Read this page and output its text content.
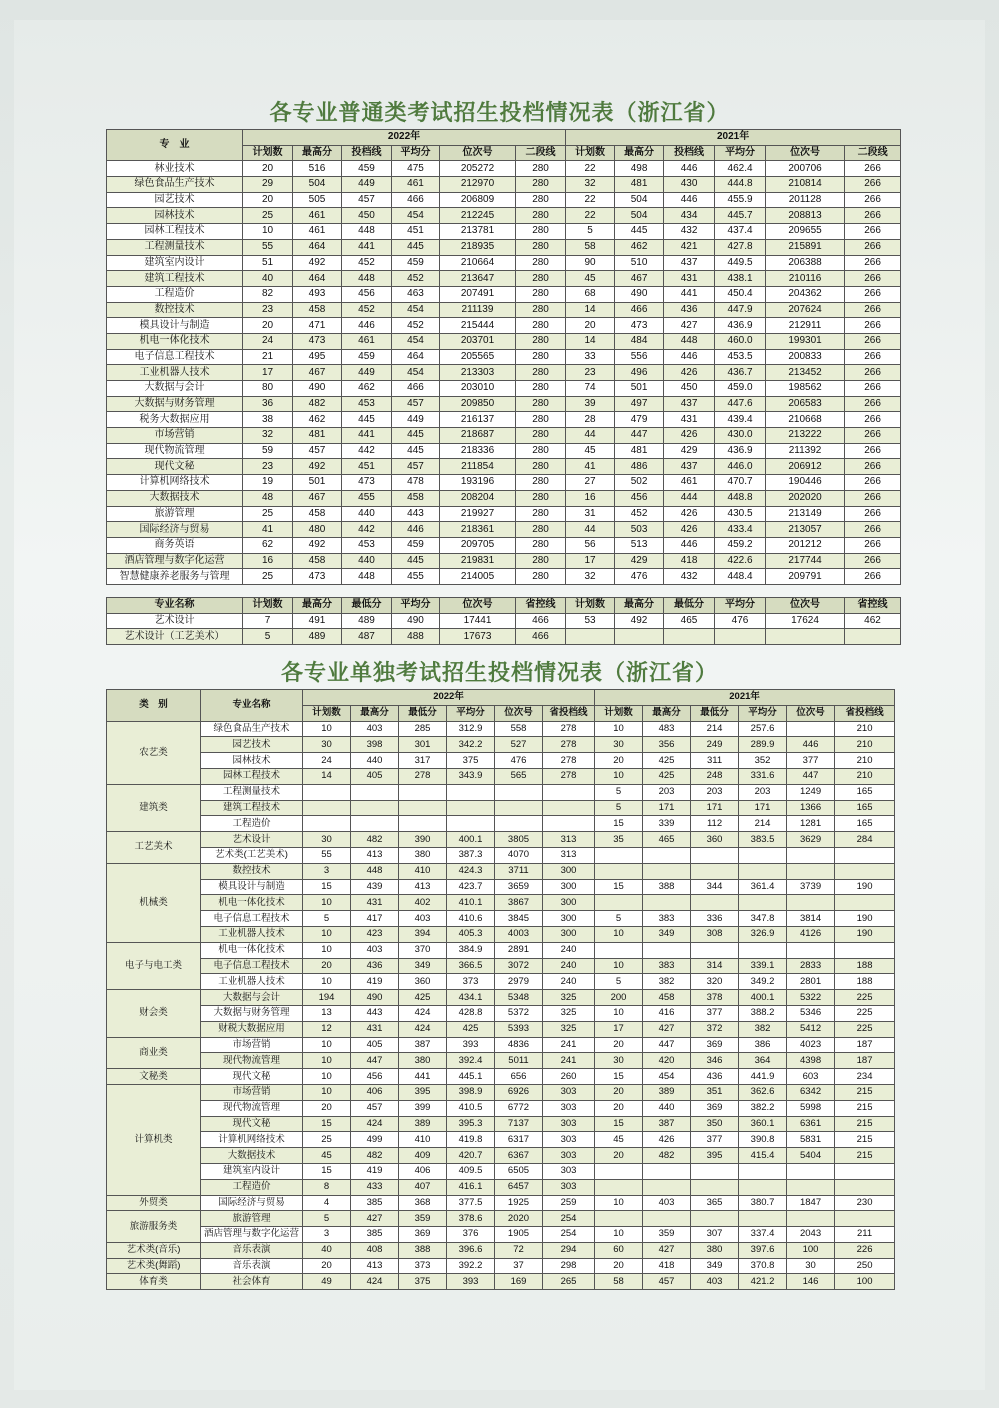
各专业普通类考试招生投档情况表（浙江省）
专　业	2022年						2021年					
	计划数	最高分	投档线	平均分	位次号	二段线	计划数	最高分	投档线	平均分	位次号	二段线
林业技术	20	516	459	475	205272	280	22	498	446	462.4	200706	266
绿色食品生产技术	29	504	449	461	212970	280	32	481	430	444.8	210814	266
园艺技术	20	505	457	466	206809	280	22	504	446	455.9	201128	266
园林技术	25	461	450	454	212245	280	22	504	434	445.7	208813	266
园林工程技术	10	461	448	451	213781	280	5	445	432	437.4	209655	266
工程测量技术	55	464	441	445	218935	280	58	462	421	427.8	215891	266
建筑室内设计	51	492	452	459	210664	280	90	510	437	449.5	206388	266
建筑工程技术	40	464	448	452	213647	280	45	467	431	438.1	210116	266
工程造价	82	493	456	463	207491	280	68	490	441	450.4	204362	266
数控技术	23	458	452	454	211139	280	14	466	436	447.9	207624	266
模具设计与制造	20	471	446	452	215444	280	20	473	427	436.9	212911	266
机电一体化技术	24	473	461	454	203701	280	14	484	448	460.0	199301	266
电子信息工程技术	21	495	459	464	205565	280	33	556	446	453.5	200833	266
工业机器人技术	17	467	449	454	213303	280	23	496	426	436.7	213452	266
大数据与会计	80	490	462	466	203010	280	74	501	450	459.0	198562	266
大数据与财务管理	36	482	453	457	209850	280	39	497	437	447.6	206583	266
税务大数据应用	38	462	445	449	216137	280	28	479	431	439.4	210668	266
市场营销	32	481	441	445	218687	280	44	447	426	430.0	213222	266
现代物流管理	59	457	442	445	218336	280	45	481	429	436.9	211392	266
现代文秘	23	492	451	457	211854	280	41	486	437	446.0	206912	266
计算机网络技术	19	501	473	478	193196	280	27	502	461	470.7	190446	266
大数据技术	48	467	455	458	208204	280	16	456	444	448.8	202020	266
旅游管理	25	458	440	443	219927	280	31	452	426	430.5	213149	266
国际经济与贸易	41	480	442	446	218361	280	44	503	426	433.4	213057	266
商务英语	62	492	453	459	209705	280	56	513	446	459.2	201212	266
酒店管理与数字化运营	16	458	440	445	219831	280	17	429	418	422.6	217744	266
智慧健康养老服务与管理	25	473	448	455	214005	280	32	476	432	448.4	209791	266
专业名称	计划数	最高分	最低分	平均分	位次号	省控线	计划数	最高分	最低分	平均分	位次号	省控线
艺术设计	7	491	489	490	17441	466	53	492	465	476	17624	462
艺术设计（工艺美术）	5	489	487	488	17673	466						
各专业单独考试招生投档情况表（浙江省）
类　别	专业名称	2022年						2021年					
		计划数	最高分	最低分	平均分	位次号	省投档线	计划数	最高分	最低分	平均分	位次号	省投档线
农艺类	绿色食品生产技术	10	403	285	312.9	558	278	10	483	214	257.6		210
	园艺技术	30	398	301	342.2	527	278	30	356	249	289.9	446	210
	园林技术	24	440	317	375	476	278	20	425	311	352	377	210
	园林工程技术	14	405	278	343.9	565	278	10	425	248	331.6	447	210
建筑类	工程测量技术							5	203	203	203	1249	165
	建筑工程技术							5	171	171	171	1366	165
	工程造价							15	339	112	214	1281	165
工艺美术	艺术设计	30	482	390	400.1	3805	313	35	465	360	383.5	3629	284
	艺术类(工艺美术)	55	413	380	387.3	4070	313						
机械类	数控技术	3	448	410	424.3	3711	300						
	模具设计与制造	15	439	413	423.7	3659	300	15	388	344	361.4	3739	190
	机电一体化技术	10	431	402	410.1	3867	300						
	电子信息工程技术	5	417	403	410.6	3845	300	5	383	336	347.8	3814	190
	工业机器人技术	10	423	394	405.3	4003	300	10	349	308	326.9	4126	190
电子与电工类	机电一体化技术	10	403	370	384.9	2891	240						
	电子信息工程技术	20	436	349	366.5	3072	240	10	383	314	339.1	2833	188
	工业机器人技术	10	419	360	373	2979	240	5	382	320	349.2	2801	188
财会类	大数据与会计	194	490	425	434.1	5348	325	200	458	378	400.1	5322	225
	大数据与财务管理	13	443	424	428.8	5372	325	10	416	377	388.2	5346	225
	财税大数据应用	12	431	424	425	5393	325	17	427	372	382	5412	225
商业类	市场营销	10	405	387	393	4836	241	20	447	369	386	4023	187
	现代物流管理	10	447	380	392.4	5011	241	30	420	346	364	4398	187
文秘类	现代文秘	10	456	441	445.1	656	260	15	454	436	441.9	603	234
计算机类	市场营销	10	406	395	398.9	6926	303	20	389	351	362.6	6342	215
	现代物流管理	20	457	399	410.5	6772	303	20	440	369	382.2	5998	215
	现代文秘	15	424	389	395.3	7137	303	15	387	350	360.1	6361	215
	计算机网络技术	25	499	410	419.8	6317	303	45	426	377	390.8	5831	215
	大数据技术	45	482	409	420.7	6367	303	20	482	395	415.4	5404	215
	建筑室内设计	15	419	406	409.5	6505	303						
	工程造价	8	433	407	416.1	6457	303						
外贸类	国际经济与贸易	4	385	368	377.5	1925	259	10	403	365	380.7	1847	230
旅游服务类	旅游管理	5	427	359	378.6	2020	254						
	酒店管理与数字化运营	3	385	369	376	1905	254	10	359	307	337.4	2043	211
艺术类(音乐)	音乐表演	40	408	388	396.6	72	294	60	427	380	397.6	100	226
艺术类(舞蹈)	音乐表演	20	413	373	392.2	37	298	20	418	349	370.8	30	250
体育类	社会体育	49	424	375	393	169	265	58	457	403	421.2	146	100
